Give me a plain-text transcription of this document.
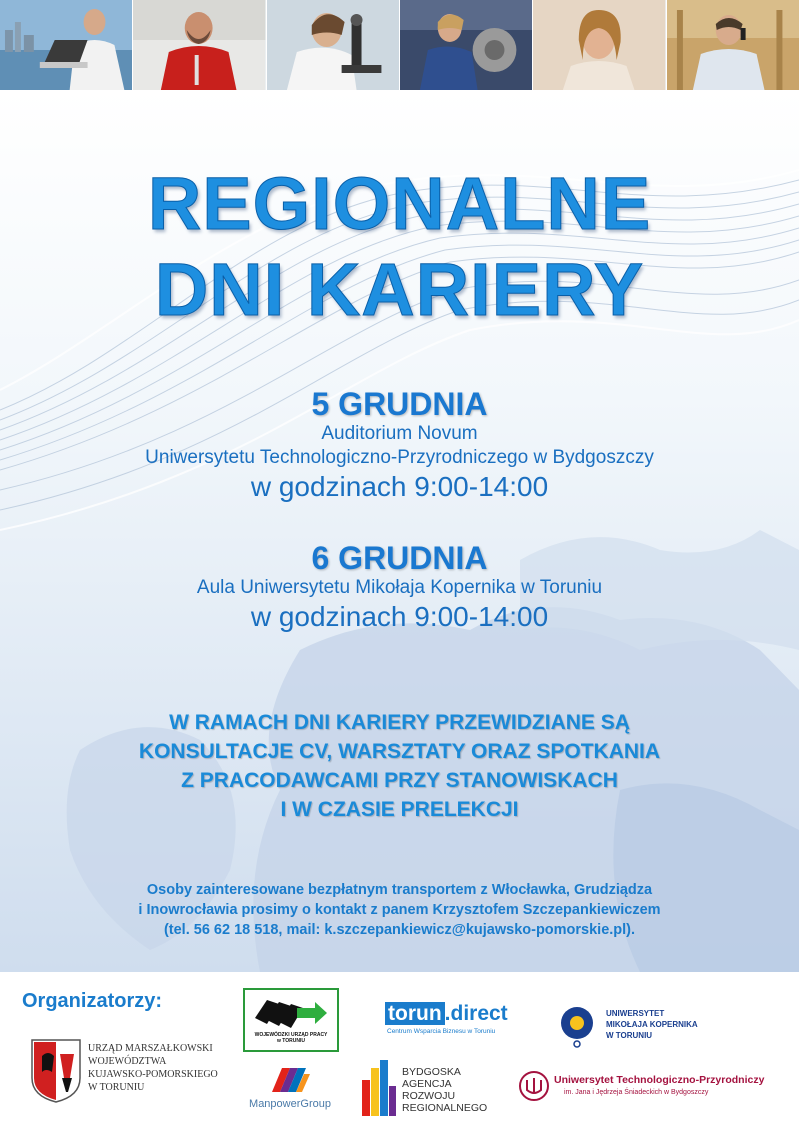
REGIONALNE
DNI KARIERY
5 GRUDNIA
Auditorium Novum
Uniwersytetu Technologiczno-Przyrodniczego w Bydgoszczy
w godzinach 9:00-14:00
6 GRUDNIA
Aula Uniwersytetu Mikołaja Kopernika w Toruniu
w godzinach 9:00-14:00
W RAMACH DNI KARIERY PRZEWIDZIANE SĄ
KONSULTACJE CV, WARSZTATY ORAZ SPOTKANIA
Z PRACODAWCAMI PRZY STANOWISKACH
I W CZASIE PRELEKCJI
Osoby zainteresowane bezpłatnym transportem z Włocławka, Grudziądza
i Inowrocławia prosimy o kontakt z panem Krzysztofem Szczepankiewiczem
(tel. 56 62 18 518, mail: k.szczepankiewicz@kujawsko-pomorskie.pl).
Organizatorzy:
URZĄD MARSZAŁKOWSKI
WOJEWÓDZTWA
KUJAWSKO-POMORSKIEGO
W TORUNIU
WOJEWÓDZKI URZĄD PRACY
w TORUNIU
ManpowerGroup
torun .direct
Centrum Wsparcia Biznesu w Toruniu
BYDGOSKA
AGENCJA
ROZWOJU
REGIONALNEGO
UNIWERSYTET
MIKOŁAJA KOPERNIKA
W TORUNIU
Uniwersytet Technologiczno-Przyrodniczy
im. Jana i Jędrzeja Śniadeckich w Bydgoszczy
